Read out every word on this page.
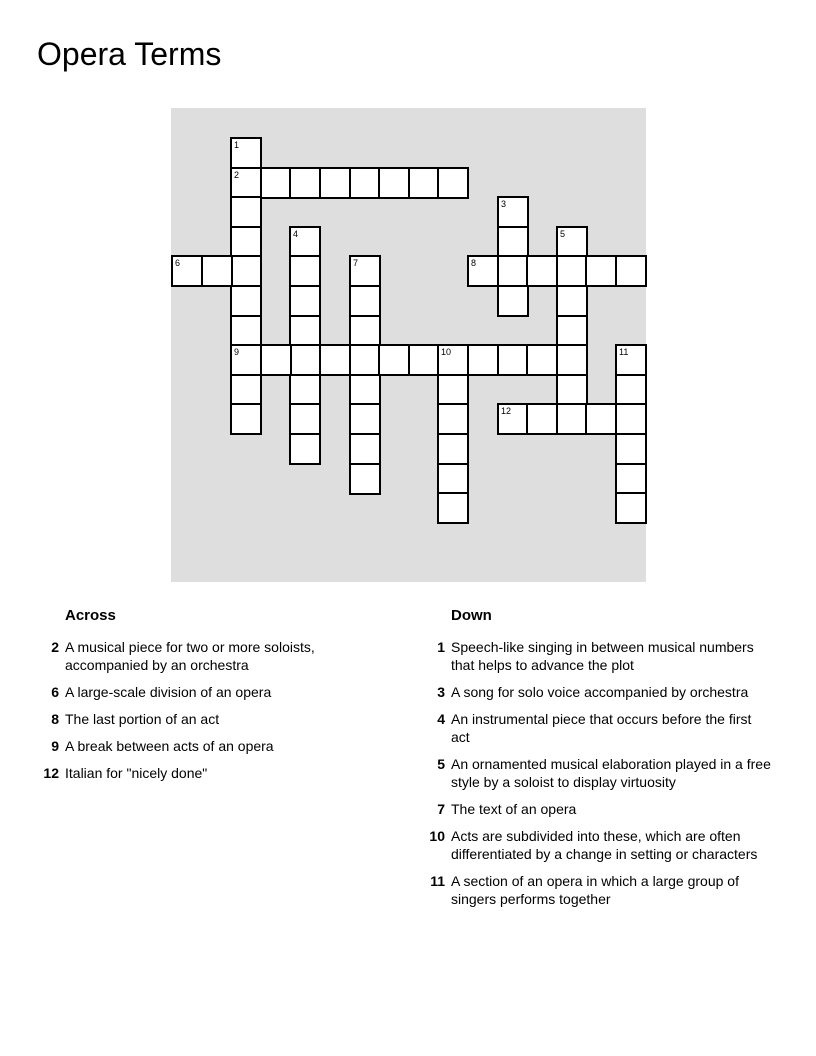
Opera Terms
1
2
9
3
4	5
6	7	8
10	11
12
Across
2 A musical piece for two or more soloists, accompanied by an orchestra
6 A large-scale division of an opera
8 The last portion of an act
9 A break between acts of an opera
12 Italian for "nicely done"
Down
1 Speech-like singing in between musical numbers that helps to advance the plot
3 A song for solo voice accompanied by orchestra
4 An instrumental piece that occurs before the first act
5 An ornamented musical elaboration played in a free style by a soloist to display virtuosity
7 The text of an opera
10 Acts are subdivided into these, which are often differentiated by a change in setting or characters
11 A section of an opera in which a large group of singers performs together
